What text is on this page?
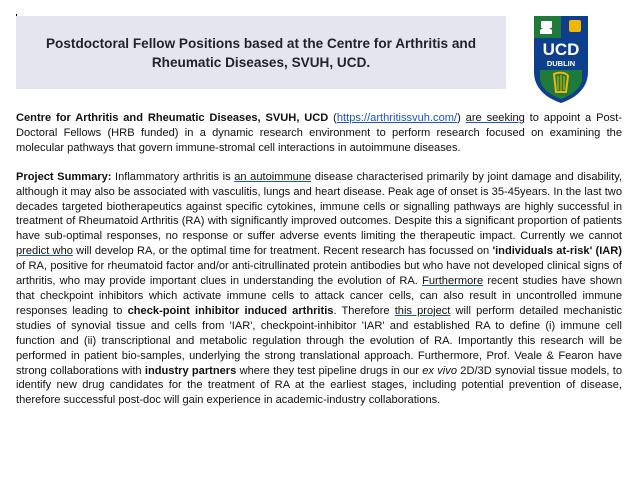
Postdoctoral Fellow Positions based at the Centre for Arthritis and
Rheumatic Diseases, SVUH, UCD.
UCD
DUBLIN

Centre for Arthritis and Rheumatic Diseases, SVUH, UCD (https://arthritissvuh.com/) are seeking to appoint a Post-Doctoral Fellows (HRB funded) in a dynamic research environment to perform research focused on examining the molecular pathways that govern immune-stromal cell interactions in autoimmune diseases.

Project Summary: Inflammatory arthritis is an autoimmune disease characterised primarily by joint damage and disability, although it may also be associated with vasculitis, lungs and heart disease. Peak age of onset is 35-45years. In the last two decades targeted biotherapeutics against specific cytokines, immune cells or signalling pathways are highly successful in treatment of Rheumatoid Arthritis (RA) with significantly improved outcomes. Despite this a significant proportion of patients have sub-optimal responses, no response or suffer adverse events limiting the therapeutic impact. Currently we cannot predict who will develop RA, or the optimal time for treatment. Recent research has focussed on 'individuals at-risk' (IAR) of RA, positive for rheumatoid factor and/or anti-citrullinated protein antibodies but who have not developed clinical signs of arthritis, who may provide important clues in understanding the evolution of RA. Furthermore recent studies have shown that checkpoint inhibitors which activate immune cells to attack cancer cells, can also result in uncontrolled immune responses leading to check-point inhibitor induced arthritis. Therefore this project will perform detailed mechanistic studies of synovial tissue and cells from 'IAR', checkpoint-inhibitor 'IAR' and established RA to define (i) immune cell function and (ii) transcriptional and metabolic regulation through the evolution of RA. Importantly this research will be performed in patient bio-samples, underlying the strong translational approach. Furthermore, Prof. Veale & Fearon have strong collaborations with industry partners where they test pipeline drugs in our ex vivo 2D/3D synovial tissue models, to identify new drug candidates for the treatment of RA at the earliest stages, including potential prevention of disease, therefore successful post-doc will gain experience in academic-industry collaborations.
